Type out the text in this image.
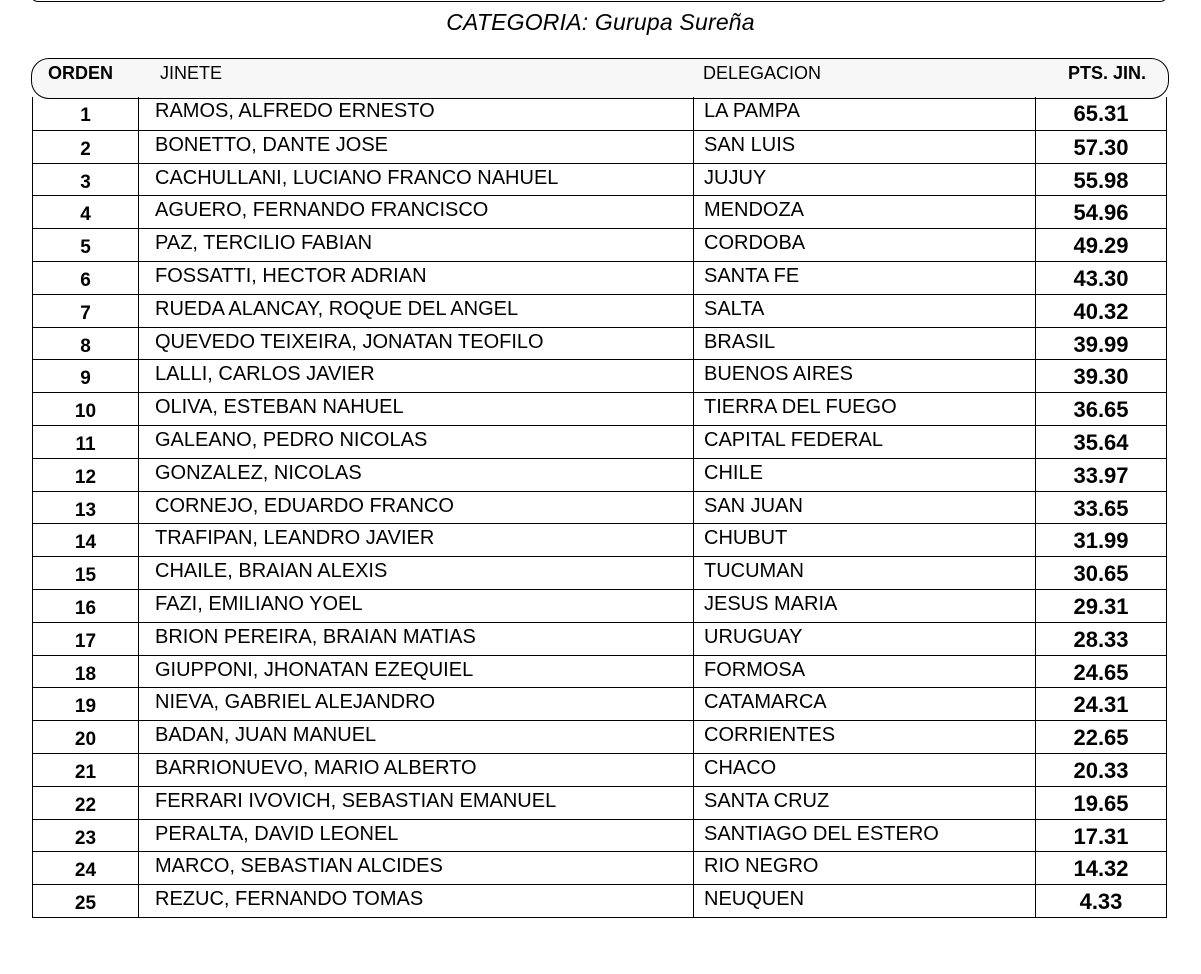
CATEGORIA: Gurupa Sureña
ORDEN	JINETE	DELEGACION	PTS. JIN.
1	RAMOS, ALFREDO ERNESTO	LA PAMPA	65.31
2	BONETTO, DANTE JOSE	SAN LUIS	57.30
3	CACHULLANI, LUCIANO FRANCO NAHUEL	JUJUY	55.98
4	AGUERO, FERNANDO FRANCISCO	MENDOZA	54.96
5	PAZ, TERCILIO FABIAN	CORDOBA	49.29
6	FOSSATTI, HECTOR ADRIAN	SANTA FE	43.30
7	RUEDA ALANCAY, ROQUE DEL ANGEL	SALTA	40.32
8	QUEVEDO TEIXEIRA, JONATAN TEOFILO	BRASIL	39.99
9	LALLI, CARLOS JAVIER	BUENOS AIRES	39.30
10	OLIVA, ESTEBAN NAHUEL	TIERRA DEL FUEGO	36.65
11	GALEANO, PEDRO NICOLAS	CAPITAL FEDERAL	35.64
12	GONZALEZ, NICOLAS	CHILE	33.97
13	CORNEJO, EDUARDO FRANCO	SAN JUAN	33.65
14	TRAFIPAN, LEANDRO JAVIER	CHUBUT	31.99
15	CHAILE, BRAIAN ALEXIS	TUCUMAN	30.65
16	FAZI, EMILIANO YOEL	JESUS MARIA	29.31
17	BRION PEREIRA, BRAIAN MATIAS	URUGUAY	28.33
18	GIUPPONI, JHONATAN EZEQUIEL	FORMOSA	24.65
19	NIEVA, GABRIEL ALEJANDRO	CATAMARCA	24.31
20	BADAN, JUAN MANUEL	CORRIENTES	22.65
21	BARRIONUEVO, MARIO ALBERTO	CHACO	20.33
22	FERRARI IVOVICH, SEBASTIAN EMANUEL	SANTA CRUZ	19.65
23	PERALTA, DAVID LEONEL	SANTIAGO DEL ESTERO	17.31
24	MARCO, SEBASTIAN ALCIDES	RIO NEGRO	14.32
25	REZUC, FERNANDO TOMAS	NEUQUEN	4.33
